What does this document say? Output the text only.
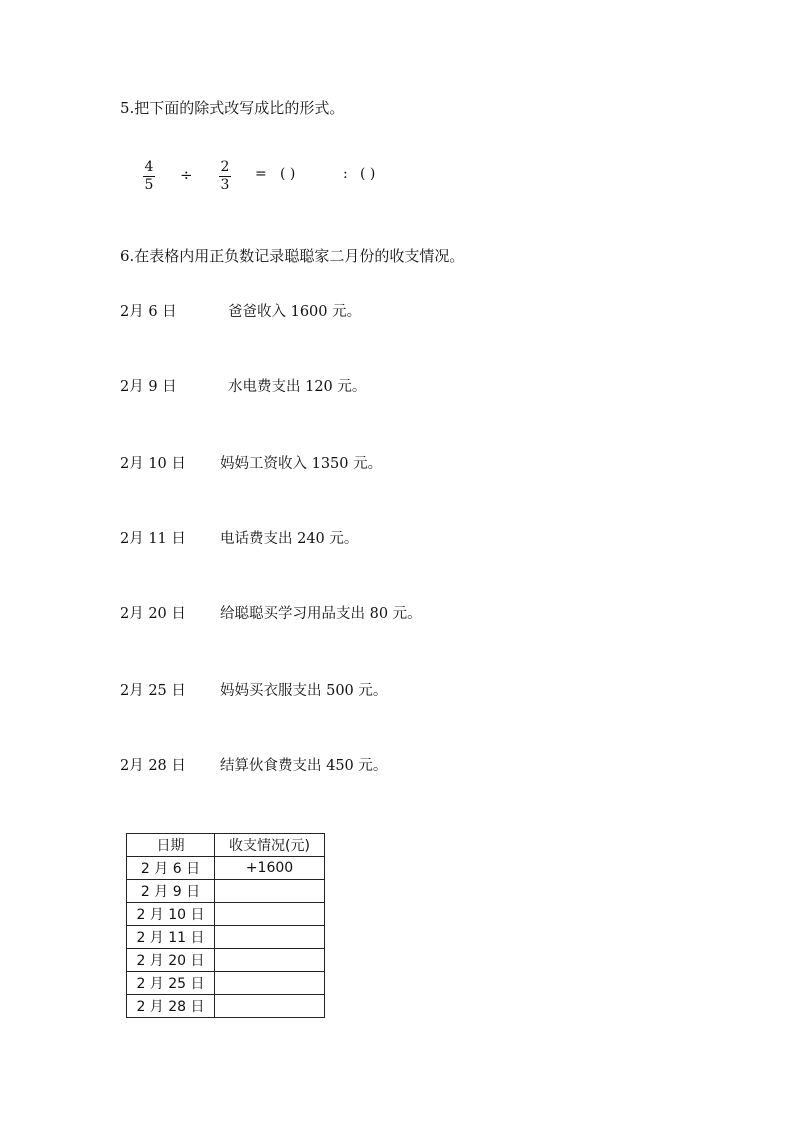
5.把下面的除式改写成比的形式。
4
5
÷ 2
3
= ( )	: ( )
6.在表格内用正负数记录聪聪家二月份的收支情况。
2月 6 日	爸爸收入 1600 元。
2月 9 日	水电费支出 120 元。
2月 10 日 妈妈工资收入 1350 元。
2月 11 日 电话费支出 240 元。
2月 20 日 给聪聪买学习用品支出 80 元。
2月 25 日 妈妈买衣服支出 500 元。
2月 28 日 结算伙食费支出 450 元。
日期	收支情况(元)
2 月 6 日	+1600
2 月 9 日	
2 月 10 日	
2 月 11 日	
2 月 20 日	
2 月 25 日	
2 月 28 日	
